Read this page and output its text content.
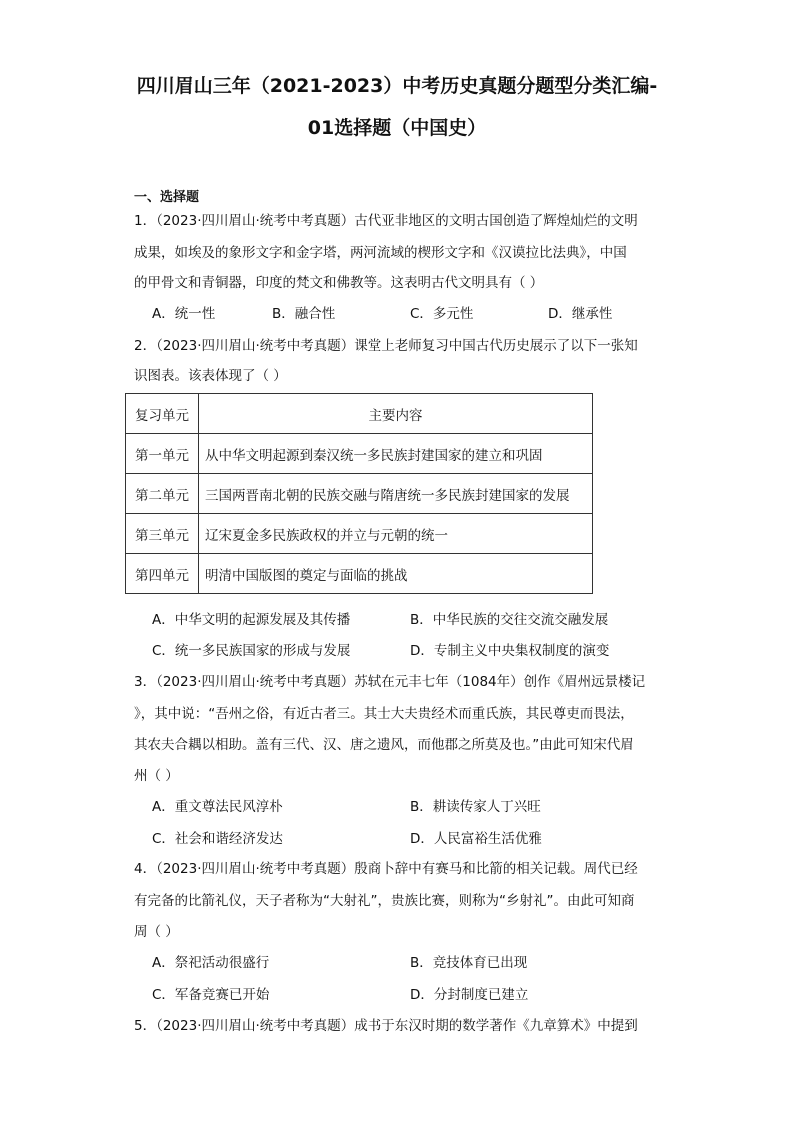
四川眉山三年（2021-2023）中考历史真题分题型分类汇编-
01选择题（中国史）
一、选择题
1．（2023·四川眉山·统考中考真题）古代亚非地区的文明古国创造了辉煌灿烂的文明
成果，如埃及的象形文字和金字塔，两河流域的楔形文字和《汉谟拉比法典》，中国
的甲骨文和青铜器，印度的梵文和佛教等。这表明古代文明具有（ ）
A．统一性	B．融合性	C．多元性	D．继承性
2．（2023·四川眉山·统考中考真题）课堂上老师复习中国古代历史展示了以下一张知
识图表。该表体现了（ ）
复习单元	主要内容
第一单元	从中华文明起源到秦汉统一多民族封建国家的建立和巩固
第二单元	三国两晋南北朝的民族交融与隋唐统一多民族封建国家的发展
第三单元	辽宋夏金多民族政权的并立与元朝的统一
第四单元	明清中国版图的奠定与面临的挑战
A．中华文明的起源发展及其传播	B．中华民族的交往交流交融发展
C．统一多民族国家的形成与发展	D．专制主义中央集权制度的演变
3．（2023·四川眉山·统考中考真题）苏轼在元丰七年（1084年）创作《眉州远景楼记
》，其中说：“吾州之俗，有近古者三。其士大夫贵经术而重氏族，其民尊吏而畏法，
其农夫合耦以相助。盖有三代、汉、唐之遗风，而他郡之所莫及也。”由此可知宋代眉
州（ ）
A．重文尊法民风淳朴	B．耕读传家人丁兴旺
C．社会和谐经济发达	D．人民富裕生活优雅
4．（2023·四川眉山·统考中考真题）殷商卜辞中有赛马和比箭的相关记载。周代已经
有完备的比箭礼仪，天子者称为“大射礼”，贵族比赛，则称为“乡射礼”。由此可知商
周（ ）
A．祭祀活动很盛行	B．竞技体育已出现
C．军备竞赛已开始	D．分封制度已建立
5．（2023·四川眉山·统考中考真题）成书于东汉时期的数学著作《九章算术》中提到
